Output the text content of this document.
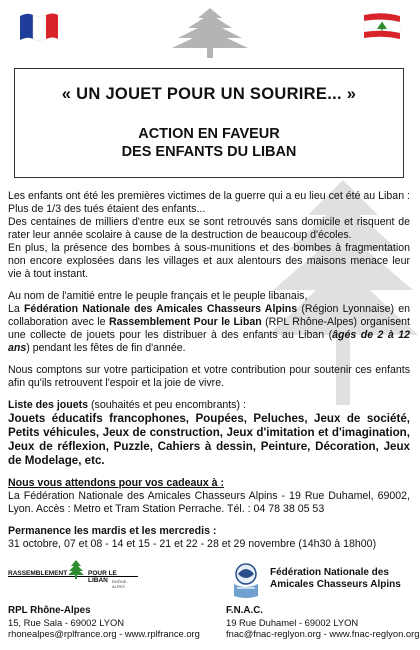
« UN JOUET POUR UN SOURIRE... »
ACTION EN FAVEUR
DES ENFANTS DU LIBAN

Les enfants ont été les premières victimes de la guerre qui a eu lieu cet été au Liban : Plus de 1/3 des tués étaient des enfants...
Des centaines de milliers d'entre eux se sont retrouvés sans domicile et risquent de rater leur année scolaire à cause de la destruction de beaucoup d'écoles.
En plus, la présence des bombes à sous-munitions et des bombes à fragmentation non encore explosées dans les villages et aux alentours des maisons menace leur vie à tout instant.

Au nom de l'amitié entre le peuple français et le peuple libanais,
La Fédération Nationale des Amicales Chasseurs Alpins (Région Lyonnaise) en collaboration avec le Rassemblement Pour le Liban (RPL Rhône-Alpes) organisent une collecte de jouets pour les distribuer à des enfants au Liban (âgés de 2 à 12 ans) pendant les fêtes de fin d'année.

Nous comptons sur votre participation et votre contribution pour soutenir ces enfants afin qu'ils retrouvent l'espoir et la joie de vivre.

Liste des jouets (souhaités et peu encombrants) :

Jouets éducatifs francophones, Poupées, Peluches, Jeux de société, Petits véhicules, Jeux de construction, Jeux d'imitation et d'imagination, Jeux de réflexion, Puzzle, Cahiers à dessin, Peinture, Décoration, Jeux de Modelage, etc.

Nous vous attendons pour vos cadeaux à :

La Fédération Nationale des Amicales Chasseurs Alpins - 19 Rue Duhamel, 69002, Lyon. Accès : Metro et Tram Station Perrache. Tél. : 04 78 38 05 53

Permanence les mardis et les mercredis :

31 octobre, 07 et 08 - 14 et 15 - 21 et 22 - 28 et 29 novembre (14h30 à 18h00)

RASSEMBLEMENT	POUR LE LIBAN	RHÔNE-ALPES
Fédération Nationale des
Amicales Chasseurs Alpins
RPL Rhône-Alpes
15, Rue Sala - 69002 LYON
rhonealpes@rplfrance.org - www.rplfrance.org
F.N.A.C.
19 Rue Duhamel - 69002 LYON
fnac@fnac-reglyon.org - www.fnac-reglyon.org
